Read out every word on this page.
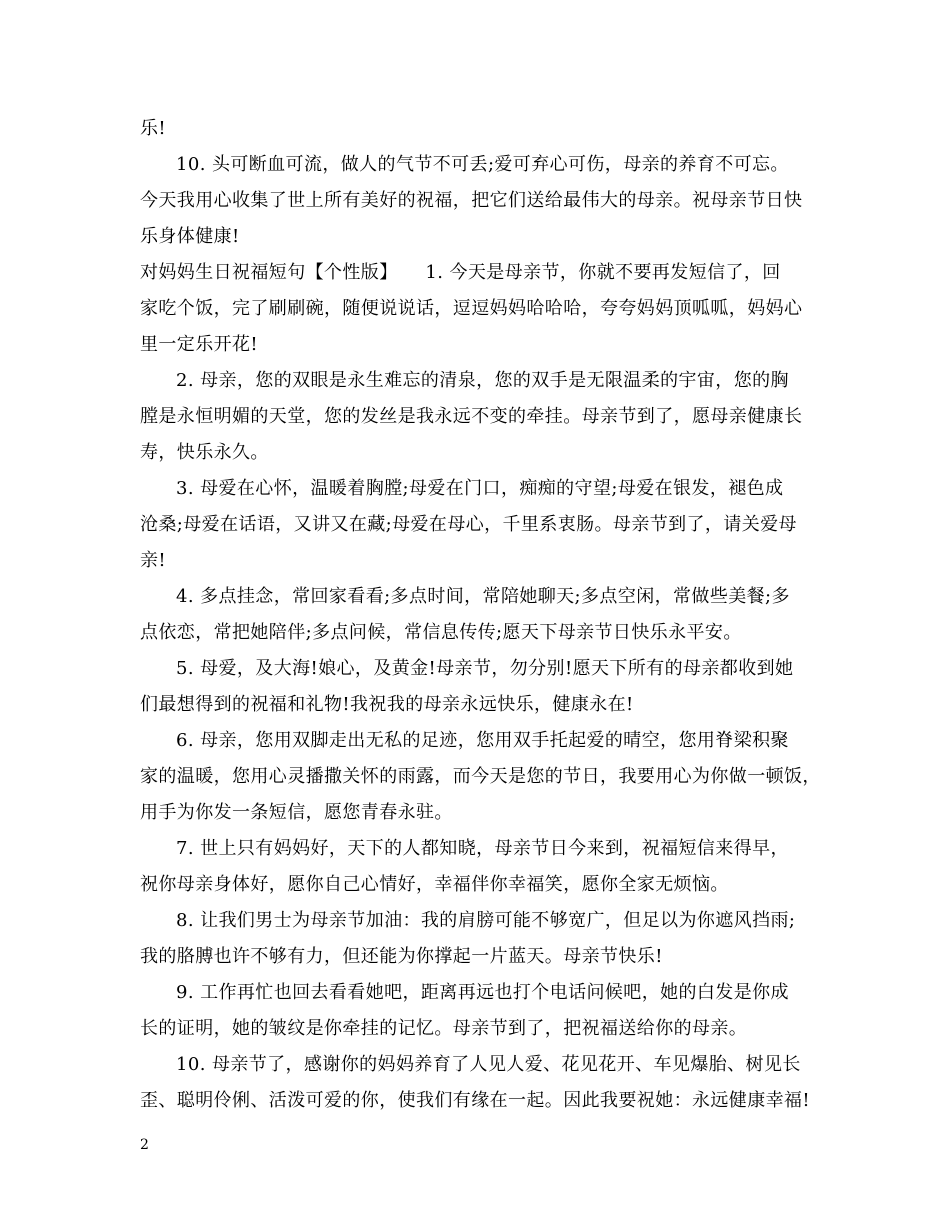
乐!
10. 头可断血可流，做人的气节不可丢;爱可弃心可伤，母亲的养育不可忘。
今天我用心收集了世上所有美好的祝福，把它们送给最伟大的母亲。祝母亲节日快
乐身体健康!
对妈妈生日祝福短句【个性版】　　1. 今天是母亲节，你就不要再发短信了，回
家吃个饭，完了刷刷碗，随便说说话，逗逗妈妈哈哈哈，夸夸妈妈顶呱呱，妈妈心
里一定乐开花!
2. 母亲，您的双眼是永生难忘的清泉，您的双手是无限温柔的宇宙，您的胸
膛是永恒明媚的天堂，您的发丝是我永远不变的牵挂。母亲节到了，愿母亲健康长
寿，快乐永久。
3. 母爱在心怀，温暖着胸膛;母爱在门口，痴痴的守望;母爱在银发，褪色成
沧桑;母爱在话语，又讲又在藏;母爱在母心，千里系衷肠。母亲节到了，请关爱母
亲!
4. 多点挂念，常回家看看;多点时间，常陪她聊天;多点空闲，常做些美餐;多
点依恋，常把她陪伴;多点问候，常信息传传;愿天下母亲节日快乐永平安。
5. 母爱，及大海!娘心，及黄金!母亲节，勿分别!愿天下所有的母亲都收到她
们最想得到的祝福和礼物!我祝我的母亲永远快乐，健康永在!
6. 母亲，您用双脚走出无私的足迹，您用双手托起爱的晴空，您用脊梁积聚
家的温暖，您用心灵播撒关怀的雨露，而今天是您的节日，我要用心为你做一顿饭，
用手为你发一条短信，愿您青春永驻。
7. 世上只有妈妈好，天下的人都知晓，母亲节日今来到，祝福短信来得早，
祝你母亲身体好，愿你自己心情好，幸福伴你幸福笑，愿你全家无烦恼。
8. 让我们男士为母亲节加油：我的肩膀可能不够宽广，但足以为你遮风挡雨;
我的胳膊也许不够有力，但还能为你撑起一片蓝天。母亲节快乐!
9. 工作再忙也回去看看她吧，距离再远也打个电话问候吧，她的白发是你成
长的证明，她的皱纹是你牵挂的记忆。母亲节到了，把祝福送给你的母亲。
10. 母亲节了，感谢你的妈妈养育了人见人爱、花见花开、车见爆胎、树见长
歪、聪明伶俐、活泼可爱的你，使我们有缘在一起。因此我要祝她：永远健康幸福!
2
